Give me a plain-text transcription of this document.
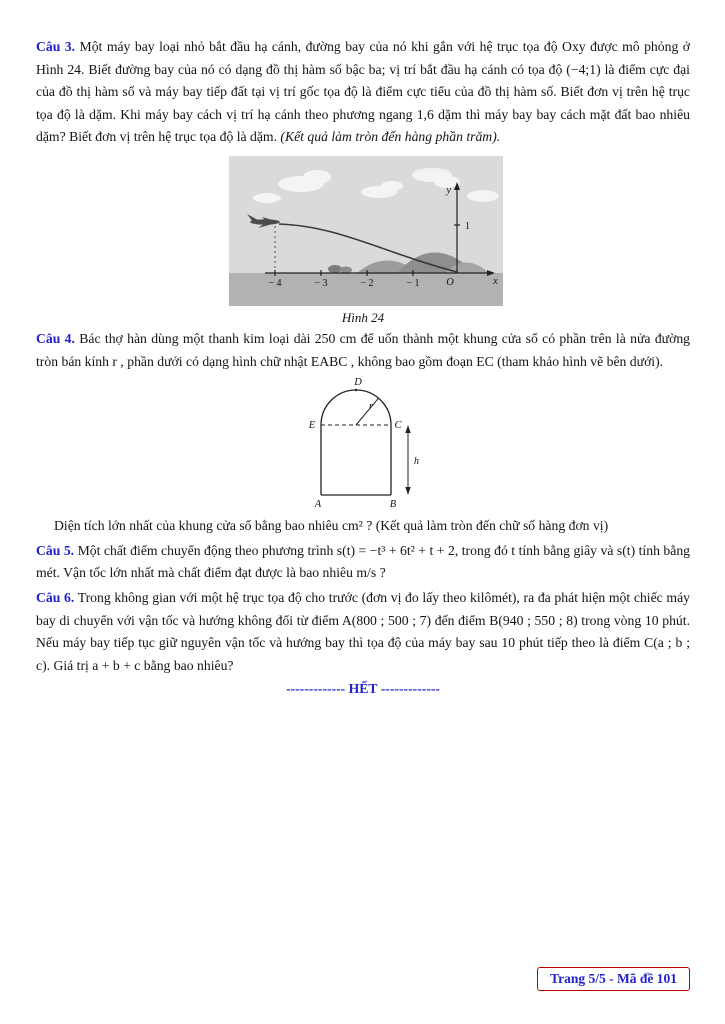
Câu 3. Một máy bay loại nhỏ bắt đầu hạ cánh, đường bay của nó khi gắn với hệ trục tọa độ Oxy được mô phỏng ở Hình 24. Biết đường bay của nó có dạng đồ thị hàm số bậc ba; vị trí bắt đầu hạ cánh có tọa độ (−4;1) là điểm cực đại của đồ thị hàm số và máy bay tiếp đất tại vị trí gốc tọa độ là điểm cực tiểu của đồ thị hàm số. Biết đơn vị trên hệ trục tọa độ là dặm. Khi máy bay cách vị trí hạ cánh theo phương ngang 1,6 dặm thì máy bay bay cách mặt đất bao nhiêu dặm? Biết đơn vị trên hệ trục tọa độ là dặm. (Kết quả làm tròn đến hàng phần trăm).

y
x
O
1
− 4	− 3	− 2	− 1
Hình 24

Câu 4. Bác thợ hàn dùng một thanh kim loại dài 250 cm để uốn thành một khung cửa sổ có phần trên là nửa đường tròn bán kính r , phần dưới có dạng hình chữ nhật EABC , không bao gồm đoạn EC (tham khảo hình vẽ bên dưới).

D
E	C
A	B
r
h

Diện tích lớn nhất của khung cửa sổ bằng bao nhiêu cm² ? (Kết quả làm tròn đến chữ số hàng đơn vị)

Câu 5. Một chất điểm chuyển động theo phương trình s(t) = −t³ + 6t² + t + 2, trong đó t tính bằng giây và s(t) tính bằng mét. Vận tốc lớn nhất mà chất điểm đạt được là bao nhiêu m/s ?

Câu 6. Trong không gian với một hệ trục tọa độ cho trước (đơn vị đo lấy theo kilômét), ra đa phát hiện một chiếc máy bay di chuyển với vận tốc và hướng không đổi từ điểm A(800 ; 500 ; 7) đến điểm B(940 ; 550 ; 8) trong vòng 10 phút. Nếu máy bay tiếp tục giữ nguyên vận tốc và hướng bay thì tọa độ của máy bay sau 10 phút tiếp theo là điểm C(a ; b ; c). Giá trị a + b + c bằng bao nhiêu?

------------- HẾT -------------
Trang 5/5 - Mã đề 101
